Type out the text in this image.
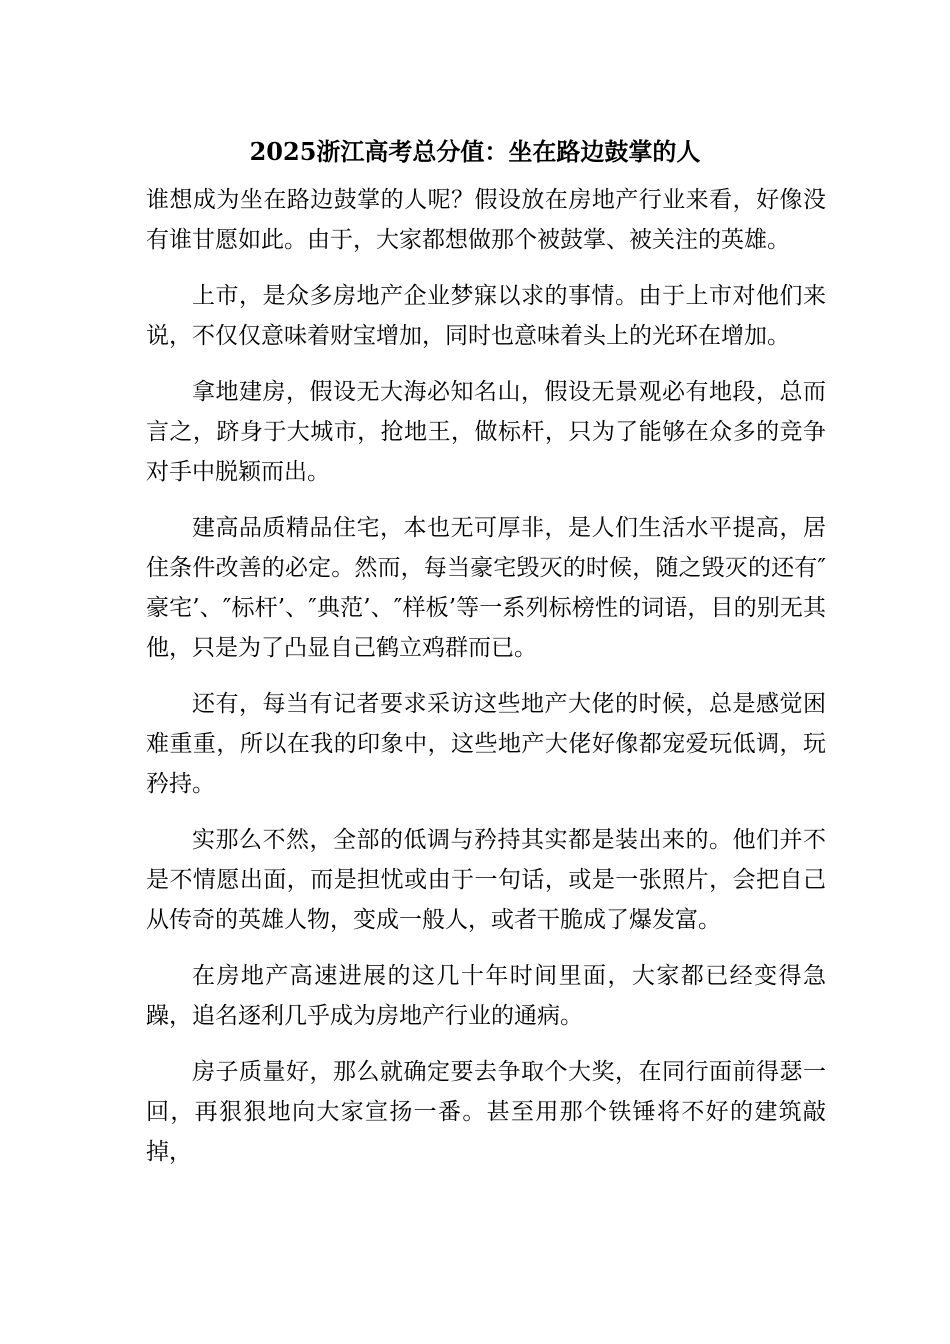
2025浙江高考总分值：坐在路边鼓掌的人

谁想成为坐在路边鼓掌的人呢？假设放在房地产行业来看，好像没有谁甘愿如此。由于，大家都想做那个被鼓掌、被关注的英雄。

上市，是众多房地产企业梦寐以求的事情。由于上市对他们来说，不仅仅意味着财宝增加，同时也意味着头上的光环在增加。

拿地建房，假设无大海必知名山，假设无景观必有地段，总而言之，跻身于大城市，抢地王，做标杆，只为了能够在众多的竞争对手中脱颖而出。

建高品质精品住宅，本也无可厚非，是人们生活水平提高，居住条件改善的必定。然而，每当豪宅毁灭的时候，随之毁灭的还有″豪宅’、″标杆’、″典范’、″样板’等一系列标榜性的词语，目的别无其他，只是为了凸显自己鹤立鸡群而已。

还有，每当有记者要求采访这些地产大佬的时候，总是感觉困难重重，所以在我的印象中，这些地产大佬好像都宠爱玩低调，玩矜持。

实那么不然，全部的低调与矜持其实都是装出来的。他们并不是不情愿出面，而是担忧或由于一句话，或是一张照片，会把自己从传奇的英雄人物，变成一般人，或者干脆成了爆发富。

在房地产高速进展的这几十年时间里面，大家都已经变得急躁，追名逐利几乎成为房地产行业的通病。

房子质量好，那么就确定要去争取个大奖，在同行面前得瑟一回，再狠狠地向大家宣扬一番。甚至用那个铁锤将不好的建筑敲掉，
